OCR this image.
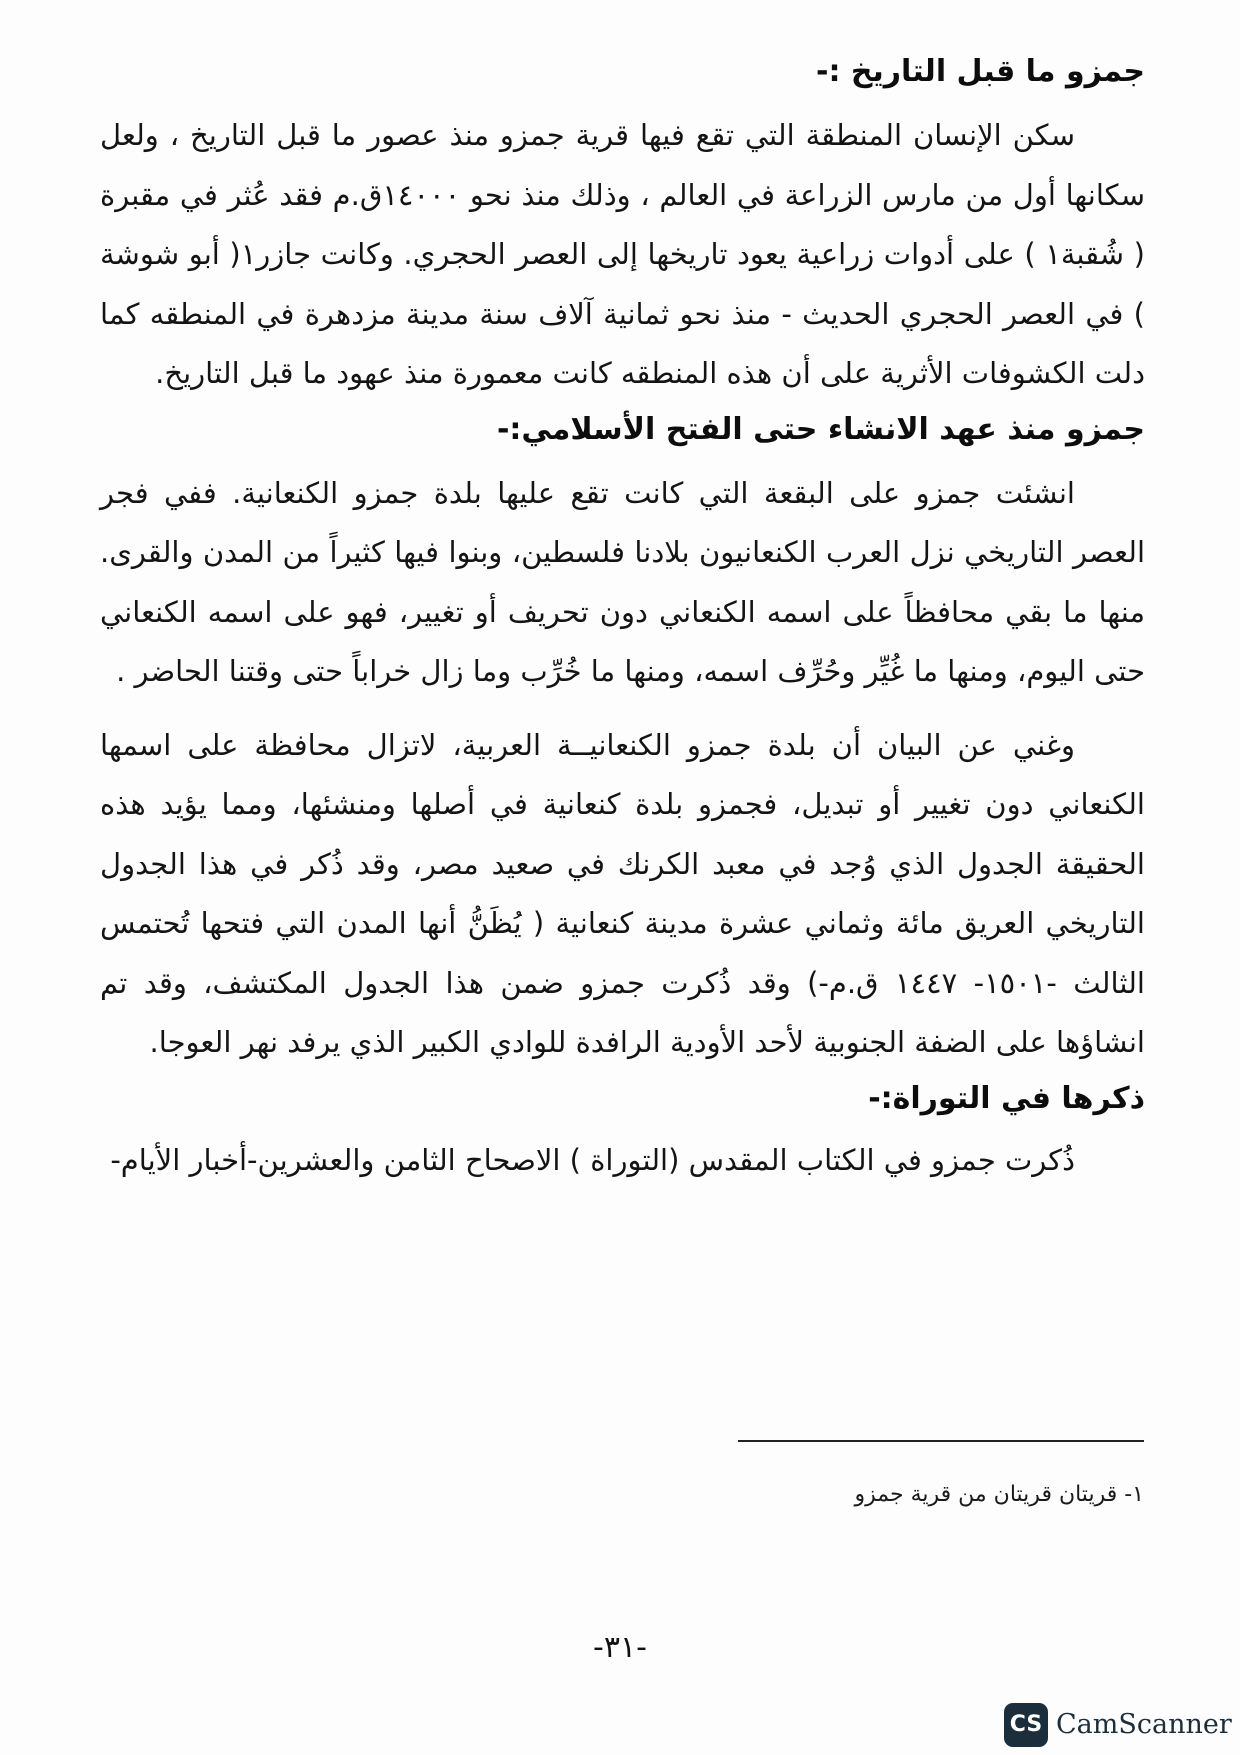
جمزو ما قبل التاريخ :-

سكن الإنسان المنطقة التي تقع فيها قرية جمزو منذ عصور ما قبل التاريخ ، ولعل سكانها أول من مارس الزراعة في العالم ، وذلك منذ نحو ١٤٠٠٠ق.م فقد عُثر في مقبرة ( شُقبة١ ) على أدوات زراعية يعود تاريخها إلى العصر الحجري. وكانت جازر١( أبو شوشة ) في العصر الحجري الحديث - منذ نحو ثمانية آلاف سنة مدينة مزدهرة في المنطقه كما دلت الكشوفات الأثرية على أن هذه المنطقه كانت معمورة منذ عهود ما قبل التاريخ.

جمزو منذ عهد الانشاء حتى الفتح الأسلامي:-

انشئت جمزو على البقعة التي كانت تقع عليها بلدة جمزو الكنعانية. ففي فجر العصر التاريخي نزل العرب الكنعانيون بلادنا فلسطين، وبنوا فيها كثيراً من المدن والقرى. منها ما بقي محافظاً على اسمه الكنعاني دون تحريف أو تغيير، فهو على اسمه الكنعاني حتى اليوم، ومنها ما غُيِّر وحُرِّف اسمه، ومنها ما خُرِّب وما زال خراباً حتى وقتنا الحاضر .

وغني عن البيان أن بلدة جمزو الكنعانيــة العربية، لاتزال محافظة على اسمها الكنعاني دون تغيير أو تبديل، فجمزو بلدة كنعانية في أصلها ومنشئها، ومما يؤيد هذه الحقيقة الجدول الذي وُجد في معبد الكرنك في صعيد مصر، وقد ذُكر في هذا الجدول التاريخي العريق مائة وثماني عشرة مدينة كنعانية ( يُظَنُّ أنها المدن التي فتحها تُحتمس الثالث -١٥٠١- ١٤٤٧ ق.م-) وقد ذُكرت جمزو ضمن هذا الجدول المكتشف، وقد تم انشاؤها على الضفة الجنوبية لأحد الأودية الرافدة للوادي الكبير الذي يرفد نهر العوجا.

ذكرها في التوراة:-

ذُكرت جمزو في الكتاب المقدس (التوراة ) الاصحاح الثامن والعشرين-أخبار الأيام-

١- قريتان قريتان من قرية جمزو
-٣١-
CS CamScanner
